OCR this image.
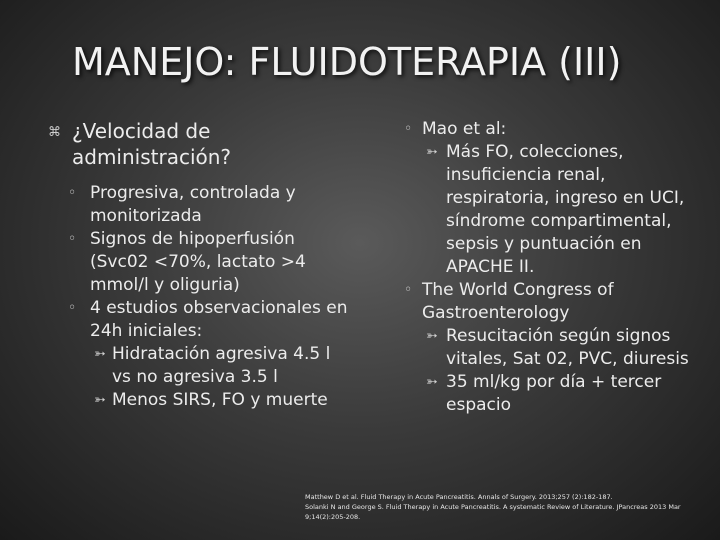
MANEJO: FLUIDOTERAPIA (III)
⌘ ¿Velocidad de administración?
◦ Progresiva, controlada y monitorizada
◦ Signos de hipoperfusión (Svc02 <70%, lactato >4 mmol/l y oliguria)
◦ 4 estudios observacionales en 24h iniciales:
➳ Hidratación agresiva 4.5 l vs no agresiva 3.5 l
➳ Menos SIRS, FO y muerte
◦ Mao et al:
➳ Más FO, colecciones, insuficiencia renal, respiratoria, ingreso en UCI, síndrome compartimental, sepsis y puntuación en APACHE II.
◦ The World Congress of Gastroenterology
➳ Resucitación según signos vitales, Sat 02, PVC, diuresis
➳ 35 ml/kg por día + tercer espacio
Matthew D et al. Fluid Therapy in Acute Pancreatitis. Annals of Surgery. 2013;257 (2):182-187.
Solanki N and George S. Fluid Therapy in Acute Pancreatitis. A systematic Review of Literature. JPancreas 2013 Mar
9;14(2):205-208.
